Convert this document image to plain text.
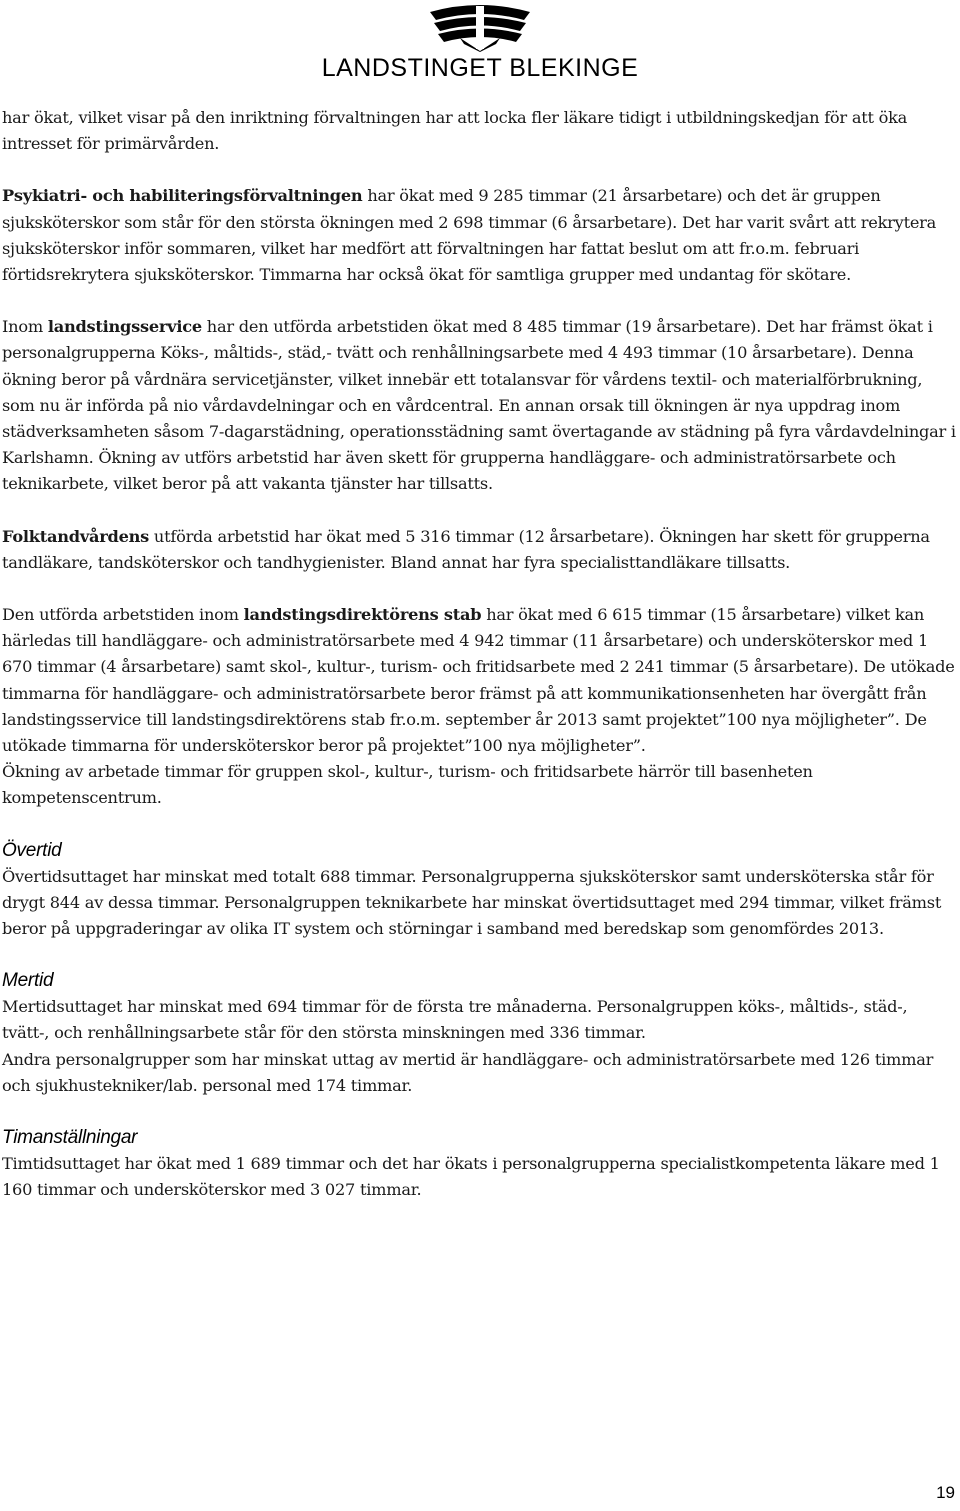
LANDSTINGET BLEKINGE

har ökat, vilket visar på den inriktning förvaltningen har att locka fler läkare tidigt i utbildningskedjan för att öka intresset för primärvården.

Psykiatri- och habiliteringsförvaltningen har ökat med 9 285 timmar (21 årsarbetare) och det är gruppen sjuksköterskor som står för den största ökningen med 2 698 timmar (6 årsarbetare). Det har varit svårt att rekrytera sjuksköterskor inför sommaren, vilket har medfört att förvaltningen har fattat beslut om att fr.o.m. februari förtidsrekrytera sjuksköterskor. Timmarna har också ökat för samtliga grupper med undantag för skötare.

Inom landstingsservice har den utförda arbetstiden ökat med 8 485 timmar (19 årsarbetare). Det har främst ökat i personalgrupperna Köks-, måltids-, städ,- tvätt och renhållningsarbete med 4 493 timmar (10 årsarbetare). Denna ökning beror på vårdnära servicetjänster, vilket innebär ett totalansvar för vårdens textil- och materialförbrukning, som nu är införda på nio vårdavdelningar och en vårdcentral. En annan orsak till ökningen är nya uppdrag inom städverksamheten såsom 7-dagarstädning, operationsstädning samt övertagande av städning på fyra vårdavdelningar i Karlshamn. Ökning av utförs arbetstid har även skett för grupperna handläggare- och administratörsarbete och teknikarbete, vilket beror på att vakanta tjänster har tillsatts.

Folktandvårdens utförda arbetstid har ökat med 5 316 timmar (12 årsarbetare). Ökningen har skett för grupperna tandläkare, tandsköterskor och tandhygienister. Bland annat har fyra specialisttandläkare tillsatts.

Den utförda arbetstiden inom landstingsdirektörens stab har ökat med 6 615 timmar (15 årsarbetare) vilket kan härledas till handläggare- och administratörsarbete med 4 942 timmar (11 årsarbetare) och undersköterskor med 1 670 timmar (4 årsarbetare) samt skol-, kultur-, turism- och fritidsarbete med 2 241 timmar (5 årsarbetare). De utökade timmarna för handläggare- och administratörsarbete beror främst på att kommunikationsenheten har övergått från landstingsservice till landstingsdirektörens stab fr.o.m. september år 2013 samt projektet”100 nya möjligheter”. De utökade timmarna för undersköterskor beror på projektet”100 nya möjligheter”.

Ökning av arbetade timmar för gruppen skol-, kultur-, turism- och fritidsarbete härrör till basenheten kompetenscentrum.

Övertid

Övertidsuttaget har minskat med totalt 688 timmar. Personalgrupperna sjuksköterskor samt undersköterska står för drygt 844 av dessa timmar. Personalgruppen teknikarbete har minskat övertidsuttaget med 294 timmar, vilket främst beror på uppgraderingar av olika IT system och störningar i samband med beredskap som genomfördes 2013.

Mertid

Mertidsuttaget har minskat med 694 timmar för de första tre månaderna. Personalgruppen köks-, måltids-, städ-, tvätt-, och renhållningsarbete står för den största minskningen med 336 timmar.

Andra personalgrupper som har minskat uttag av mertid är handläggare- och administratörsarbete med 126 timmar och sjukhustekniker/lab. personal med 174 timmar.

Timanställningar

Timtidsuttaget har ökat med 1 689 timmar och det har ökats i personalgrupperna specialistkompetenta läkare med 1 160 timmar och undersköterskor med 3 027 timmar.

19
